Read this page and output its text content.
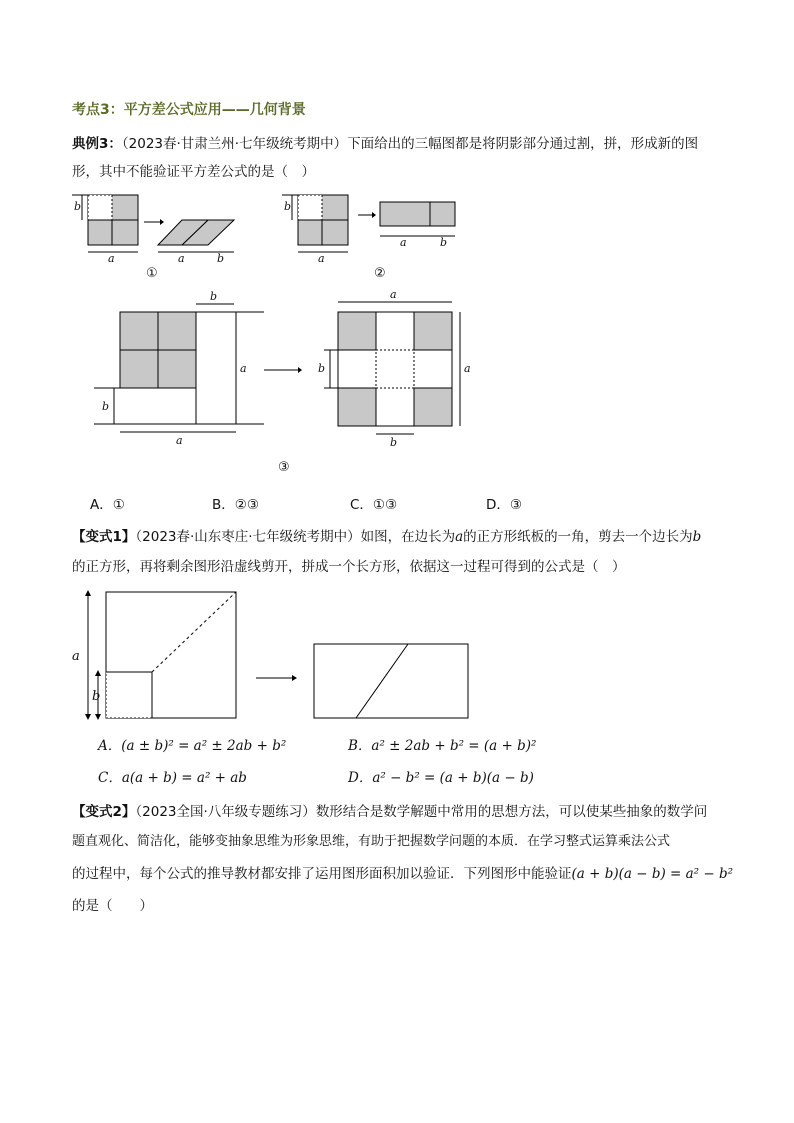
考点3：平方差公式应用——几何背景
典例3：（2023春·甘肃兰州·七年级统考期中）下面给出的三幅图都是将阴影部分通过割，拼，形成新的图
形，其中不能验证平方差公式的是（　）
b
a	a	b
①
b
a
a	b
②
b
a
b
a
a
a
b
b
③
A．①	B．②③	C．①③	D．③
【变式1】（2023春·山东枣庄·七年级统考期中）如图，在边长为a的正方形纸板的一角，剪去一个边长为b
的正方形，再将剩余图形沿虚线剪开，拼成一个长方形，依据这一过程可得到的公式是（　）
a
b
A．(a ± b)² = a² ± 2ab + b²	B．a² ± 2ab + b² = (a + b)²
C．a(a + b) = a² + ab	D．a² − b² = (a + b)(a − b)
【变式2】（2023全国·八年级专题练习）数形结合是数学解题中常用的思想方法，可以使某些抽象的数学问
题直观化、简洁化，能够变抽象思维为形象思维，有助于把握数学问题的本质．在学习整式运算乘法公式
的过程中，每个公式的推导教材都安排了运用图形面积加以验证．下列图形中能验证(a + b)(a − b) = a² − b²
的是（　　）
